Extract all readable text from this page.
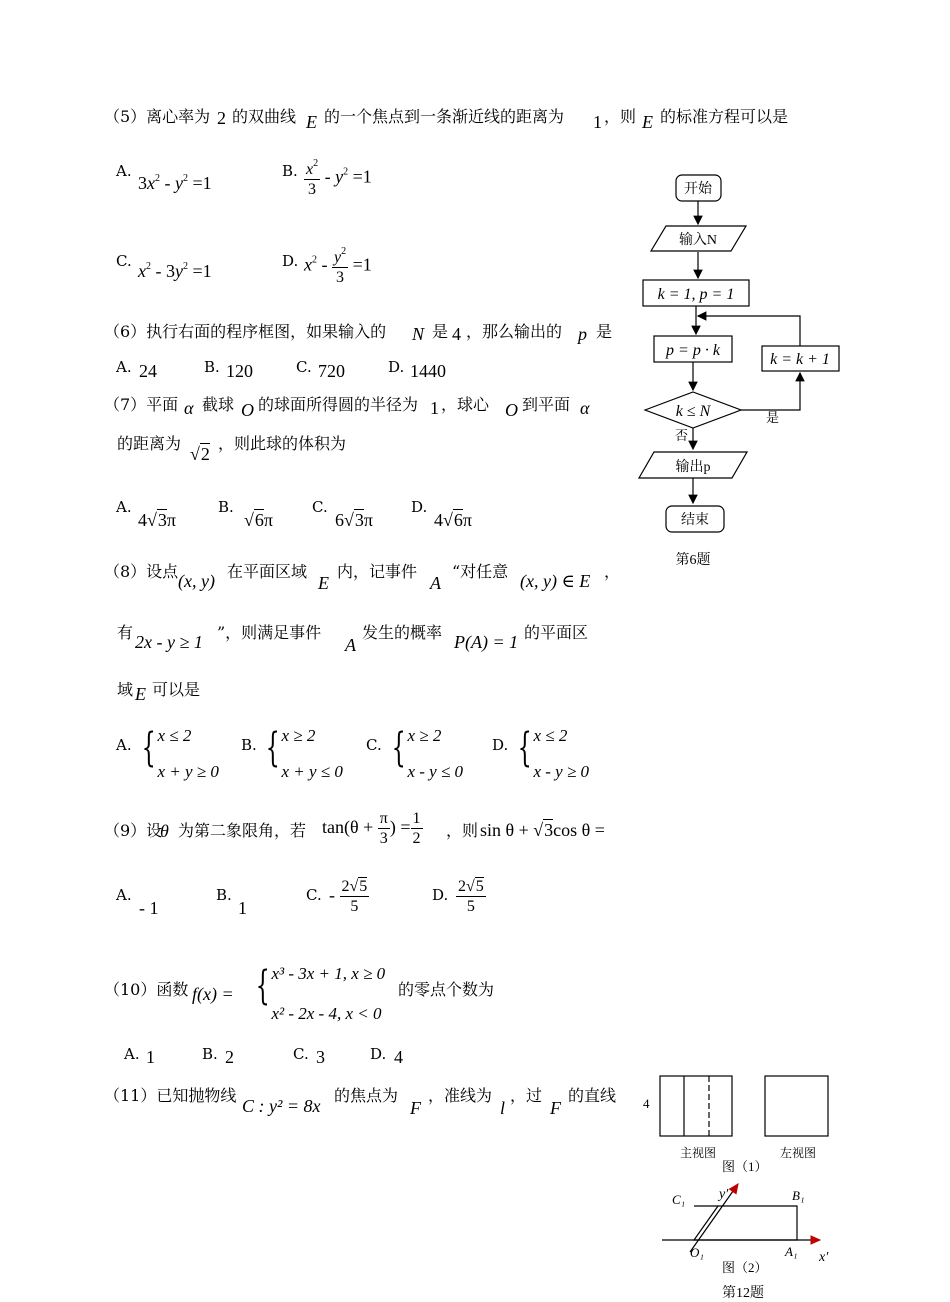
（5）离心率为 2 的双曲线 E 的一个焦点到一条渐近线的距离为 1 ，则 E 的标准方程可以是
A.
$3x^2 - y^2 =1$
B. $\frac{x^2}{3} - y^2 =1$
C. $x^2 - 3y^2 =1$	D. $x^2 - \frac{y^2}{3} =1$
（6）执行右面的程序框图，如果输入的 N 是 4 ，那么输出的 p 是
A. 24	B. 120	C. 720	D. 1440
（7）平面 α 截球 O 的球面所得圆的半径为 1 ，球心 O 到平面 α
的距离为
√2
，则此球的体积为
A.
4√3π
B.
√6π
C.
6√3π
D.
4√6π
（8）设点 (x, y) 在平面区域
E
内，记事件
A
“对任意 (x, y) ∈ E ，
有 2x - y ≥ 1 ”，则满足事件
A
发生的概率 P(A) = 1 的平面区
域 E 可以是
A. { x ≤ 2
x + y ≥ 0
B. { x ≥ 2
x + y ≤ 0
C. { x ≥ 2
x - y ≤ 0
D. { x ≤ 2
x - y ≥ 0
（9）设
θ 为第二象限角，若 $\tan(\theta + \frac{\pi}{3}$ ) = $\frac{1}{2}$ ，则 sin θ + √3cos θ =
A.
- 1
B.
1
C. - $\frac{2√5}{5}$	D. $\frac{2√5}{5}$
（10）函数 f(x) = { x³ - 3x + 1, x ≥ 0
x² - 2x - 4, x < 0
的零点个数为
A. 1	B. 2	C. 3	D. 4
（11）已知抛物线
C : y² = 8x
的焦点为
F
，准线为
l
，过
F
的直线
开始
输入N
k = 1, p = 1
p = p · k
k ≤ N	是
k = k + 1
否
输出p
结束
第6题
4
主视图	左视图
图（1）
C₁ y′	B₁
O₁	A₁ x′
图（2）
第12题
